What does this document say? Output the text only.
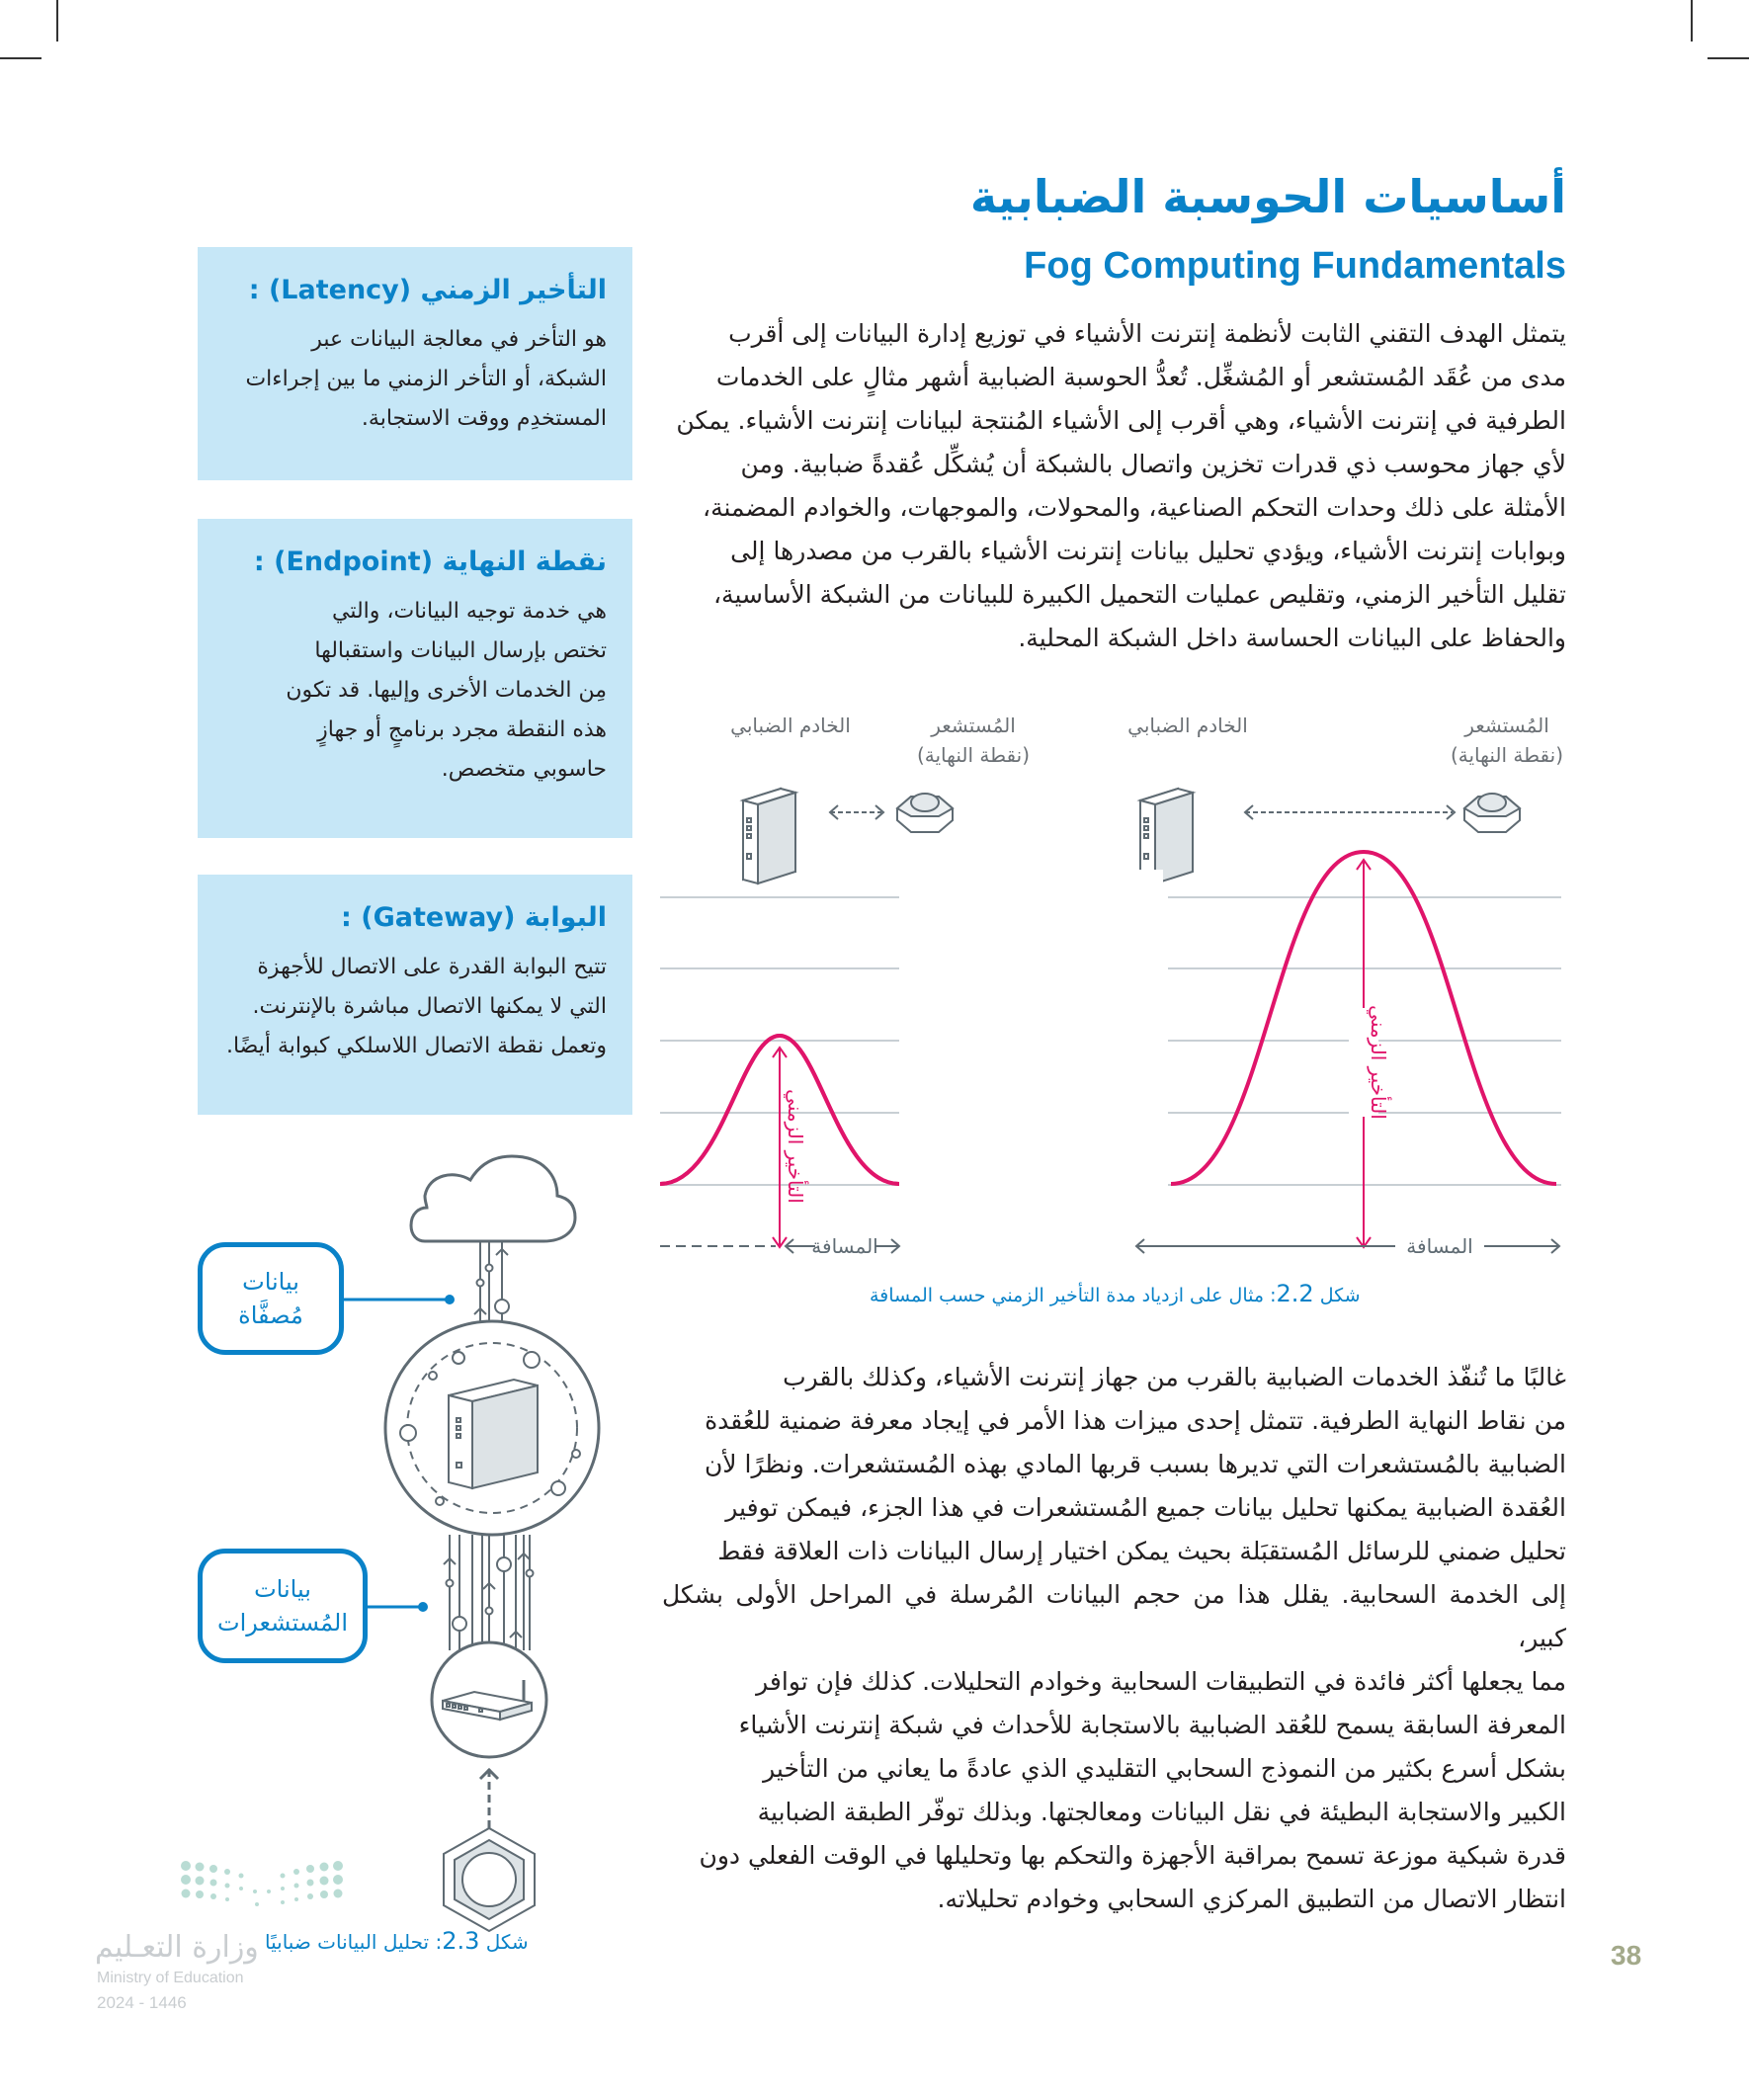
أساسيات الحوسبة الضبابية
Fog Computing Fundamentals

يتمثل الهدف التقني الثابت لأنظمة إنترنت الأشياء في توزيع إدارة البيانات إلى أقرب

مدى من عُقَد المُستشعر أو المُشغِّل. تُعدُّ الحوسبة الضبابية أشهر مثالٍ على الخدمات

الطرفية في إنترنت الأشياء، وهي أقرب إلى الأشياء المُنتجة لبيانات إنترنت الأشياء. يمكن

لأي جهاز محوسب ذي قدرات تخزين واتصال بالشبكة أن يُشكِّل عُقدةً ضبابية. ومن

الأمثلة على ذلك وحدات التحكم الصناعية، والمحولات، والموجهات، والخوادم المضمنة،

وبوابات إنترنت الأشياء، ويؤدي تحليل بيانات إنترنت الأشياء بالقرب من مصدرها إلى

تقليل التأخير الزمني، وتقليص عمليات التحميل الكبيرة للبيانات من الشبكة الأساسية،

والحفاظ على البيانات الحساسة داخل الشبكة المحلية.

التأخير الزمني (Latency) :

هو التأخر في معالجة البيانات عبر

الشبكة، أو التأخر الزمني ما بين إجراءات

المستخدِم ووقت الاستجابة.

نقطة النهاية (Endpoint) :

هي خدمة توجيه البيانات، والتي

تختص بإرسال البيانات واستقبالها

مِن الخدمات الأخرى وإليها. قد تكون

هذه النقطة مجرد برنامجٍ أو جهازٍ

حاسوبي متخصص.

البوابة (Gateway) :

تتيح البوابة القدرة على الاتصال للأجهزة

التي لا يمكنها الاتصال مباشرة بالإنترنت.

وتعمل نقطة الاتصال اللاسلكي كبوابة أيضًا.

الخادم الضبابي	المُستشعر
(نقطة النهاية)
الخادم الضبابي	المُستشعر
(نقطة النهاية)
التأخير الزمني
التأخير الزمني
المسافة	المسافة
شكل 2.2: مثال على ازدياد مدة التأخير الزمني حسب المسافة

غالبًا ما تُنفّذ الخدمات الضبابية بالقرب من جهاز إنترنت الأشياء، وكذلك بالقرب

من نقاط النهاية الطرفية. تتمثل إحدى ميزات هذا الأمر في إيجاد معرفة ضمنية للعُقدة

الضبابية بالمُستشعرات التي تديرها بسبب قربها المادي بهذه المُستشعرات. ونظرًا لأن

العُقدة الضبابية يمكنها تحليل بيانات جميع المُستشعرات في هذا الجزء، فيمكن توفير

تحليل ضمني للرسائل المُستقبَلة بحيث يمكن اختيار إرسال البيانات ذات العلاقة فقط

إلى الخدمة السحابية. يقلل هذا من حجم البيانات المُرسلة في المراحل الأولى بشكل كبير،

مما يجعلها أكثر فائدة في التطبيقات السحابية وخوادم التحليلات. كذلك فإن توافر

المعرفة السابقة يسمح للعُقد الضبابية بالاستجابة للأحداث في شبكة إنترنت الأشياء

بشكل أسرع بكثير من النموذج السحابي التقليدي الذي عادةً ما يعاني من التأخير

الكبير والاستجابة البطيئة في نقل البيانات ومعالجتها. وبذلك توفّر الطبقة الضبابية

قدرة شبكية موزعة تسمح بمراقبة الأجهزة والتحكم بها وتحليلها في الوقت الفعلي دون

انتظار الاتصال من التطبيق المركزي السحابي وخوادم تحليلاته.

بيانات
مُصفَّاة
بيانات
المُستشعرات
شكل 2.3: تحليل البيانات ضبابيًا
وزارة التعـليم
Ministry of Education
2024 - 1446
38
